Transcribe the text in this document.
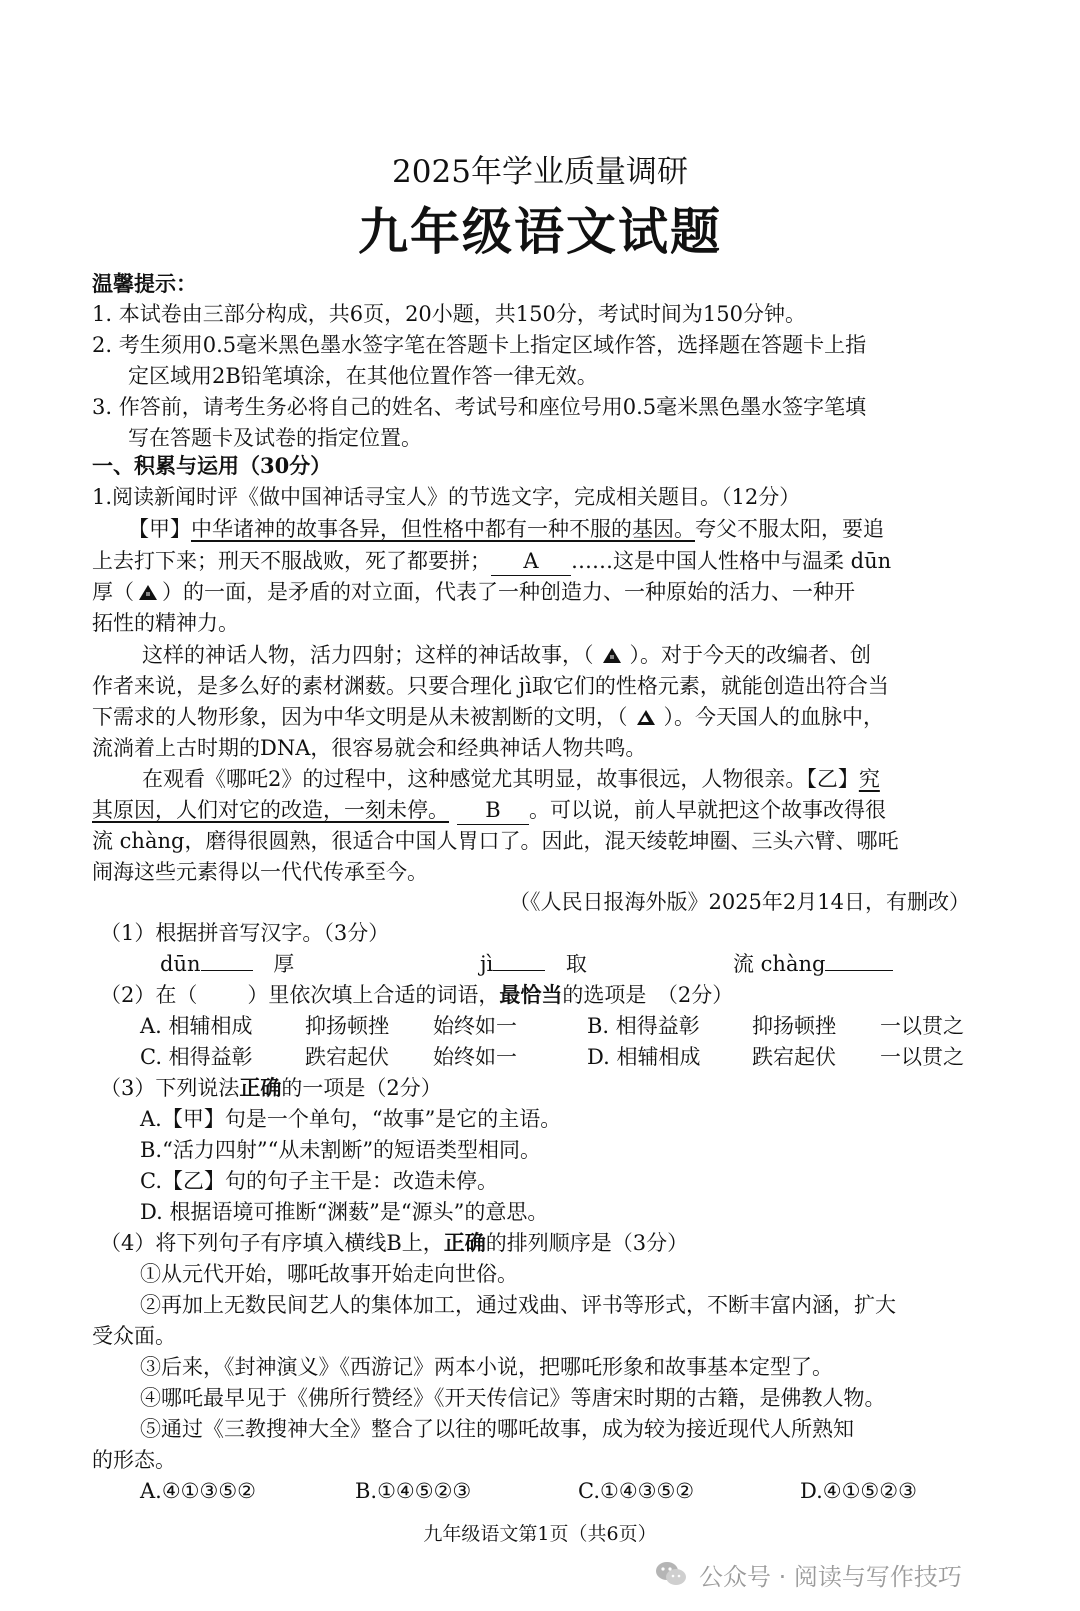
2025年学业质量调研
九年级语文试题
温馨提示：
1. 本试卷由三部分构成，共6页，20小题，共150分，考试时间为150分钟。
2. 考生须用0.5毫米黑色墨水签字笔在答题卡上指定区域作答，选择题在答题卡上指
定区域用2B铅笔填涂，在其他位置作答一律无效。
3. 作答前，请考生务必将自己的姓名、考试号和座位号用0.5毫米黑色墨水签字笔填
写在答题卡及试卷的指定位置。
一、积累与运用（30分）
1.阅读新闻时评《做中国神话寻宝人》的节选文字，完成相关题目。（12分）
【甲】中华诸神的故事各异，但性格中都有一种不服的基因。夸父不服太阳，要追
上去打下来；刑天不服战败，死了都要拼； A ……这是中国人性格中与温柔 dūn
厚（ ）的一面，是矛盾的对立面，代表了一种创造力、一种原始的活力、一种开
拓性的精神力。
这样的神话人物，活力四射；这样的神话故事，（ ）。对于今天的改编者、创
作者来说，是多么好的素材渊薮。只要合理化 jì取它们的性格元素，就能创造出符合当
下需求的人物形象，因为中华文明是从未被割断的文明，（ ）。今天国人的血脉中，
流淌着上古时期的DNA，很容易就会和经典神话人物共鸣。
在观看《哪吒2》的过程中，这种感觉尤其明显，故事很远，人物很亲。【乙】究
其原因，人们对它的改造，一刻未停。 B 。可以说，前人早就把这个故事改得很
流 chàng，磨得很圆熟，很适合中国人胃口了。因此，混天绫乾坤圈、三头六臂、哪吒
闹海这些元素得以一代代传承至今。
（《人民日报海外版》2025年2月14日，有删改）
（1）根据拼音写汉字。（3分）
dūn	厚	jì	取	流 chàng
（2）在（ ）里依次填上合适的词语，最恰当的选项是　（2分）
A. 相辅相成 抑扬顿挫 始终如一	B. 相得益彰 抑扬顿挫 一以贯之
C. 相得益彰 跌宕起伏 始终如一	D. 相辅相成 跌宕起伏 一以贯之
（3）下列说法正确的一项是（2分）
A.【甲】句是一个单句，“故事”是它的主语。
B.“活力四射”“从未割断”的短语类型相同。
C.【乙】句的句子主干是：改造未停。
D. 根据语境可推断“渊薮”是“源头”的意思。
（4）将下列句子有序填入横线B上，正确的排列顺序是（3分）
①从元代开始，哪吒故事开始走向世俗。
②再加上无数民间艺人的集体加工，通过戏曲、评书等形式，不断丰富内涵，扩大
受众面。
③后来，《封神演义》《西游记》两本小说，把哪吒形象和故事基本定型了。
④哪吒最早见于《佛所行赞经》《开天传信记》等唐宋时期的古籍，是佛教人物。
⑤通过《三教搜神大全》整合了以往的哪吒故事，成为较为接近现代人所熟知
的形态。
A.④①③⑤②	B.①④⑤②③	C.①④③⑤②	D.④①⑤②③
九年级语文第1页（共6页）
公众号 · 阅读与写作技巧
